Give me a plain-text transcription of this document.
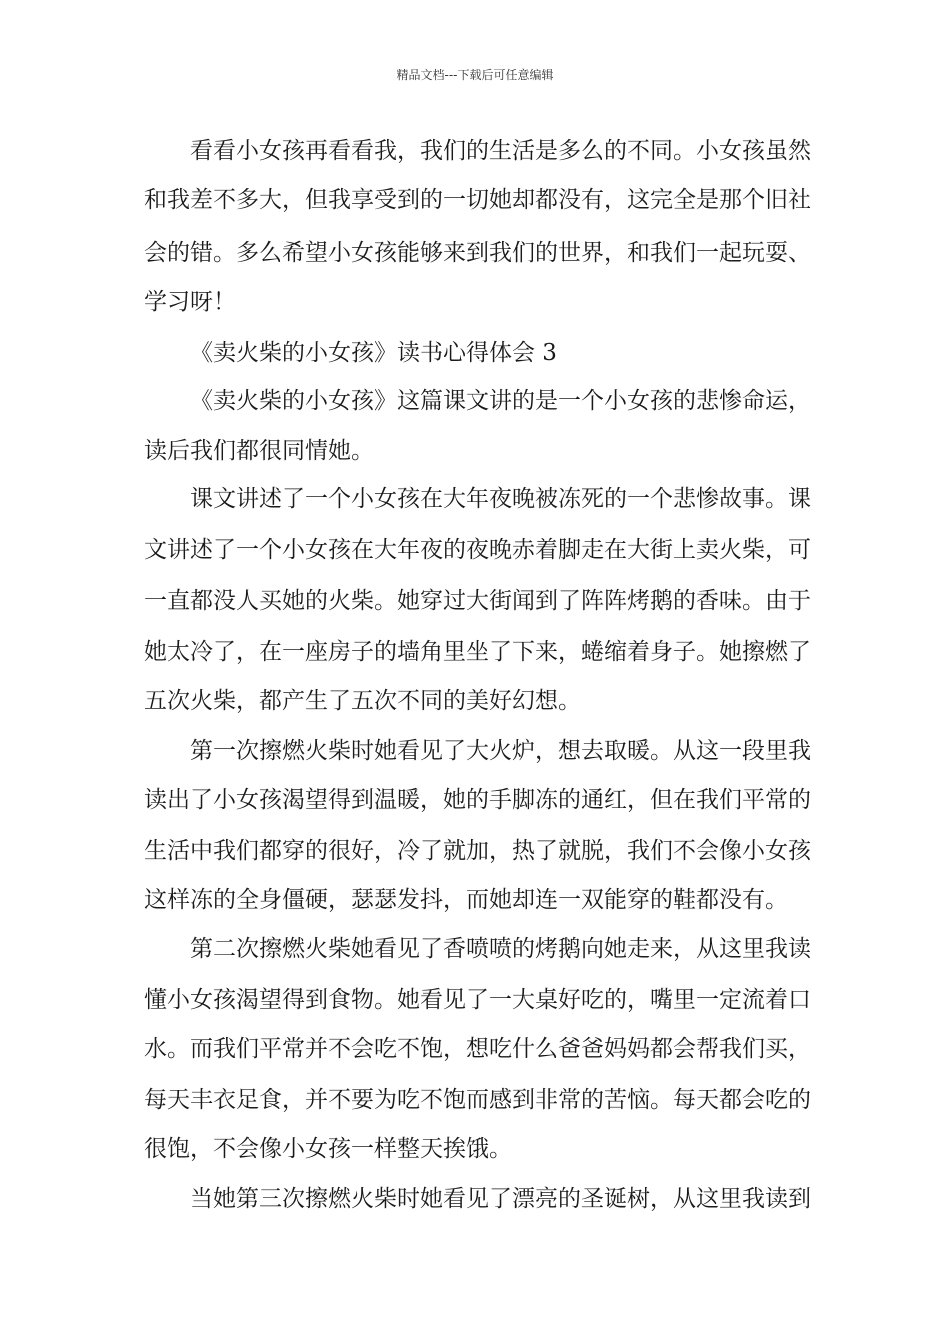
精品文档---下载后可任意编辑
看看小女孩再看看我，我们的生活是多么的不同。小女孩虽然
和我差不多大，但我享受到的一切她却都没有，这完全是那个旧社
会的错。多么希望小女孩能够来到我们的世界，和我们一起玩耍、
学习呀！
《卖火柴的小女孩》读书心得体会 3
《卖火柴的小女孩》这篇课文讲的是一个小女孩的悲惨命运，
读后我们都很同情她。
课文讲述了一个小女孩在大年夜晚被冻死的一个悲惨故事。课
文讲述了一个小女孩在大年夜的夜晚赤着脚走在大街上卖火柴，可
一直都没人买她的火柴。她穿过大街闻到了阵阵烤鹅的香味。由于
她太冷了，在一座房子的墙角里坐了下来，蜷缩着身子。她擦燃了
五次火柴，都产生了五次不同的美好幻想。
第一次擦燃火柴时她看见了大火炉，想去取暖。从这一段里我
读出了小女孩渴望得到温暖，她的手脚冻的通红，但在我们平常的
生活中我们都穿的很好，冷了就加，热了就脱，我们不会像小女孩
这样冻的全身僵硬，瑟瑟发抖，而她却连一双能穿的鞋都没有。
第二次擦燃火柴她看见了香喷喷的烤鹅向她走来，从这里我读
懂小女孩渴望得到食物。她看见了一大桌好吃的，嘴里一定流着口
水。而我们平常并不会吃不饱，想吃什么爸爸妈妈都会帮我们买，
每天丰衣足食，并不要为吃不饱而感到非常的苦恼。每天都会吃的
很饱，不会像小女孩一样整天挨饿。
当她第三次擦燃火柴时她看见了漂亮的圣诞树，从这里我读到
